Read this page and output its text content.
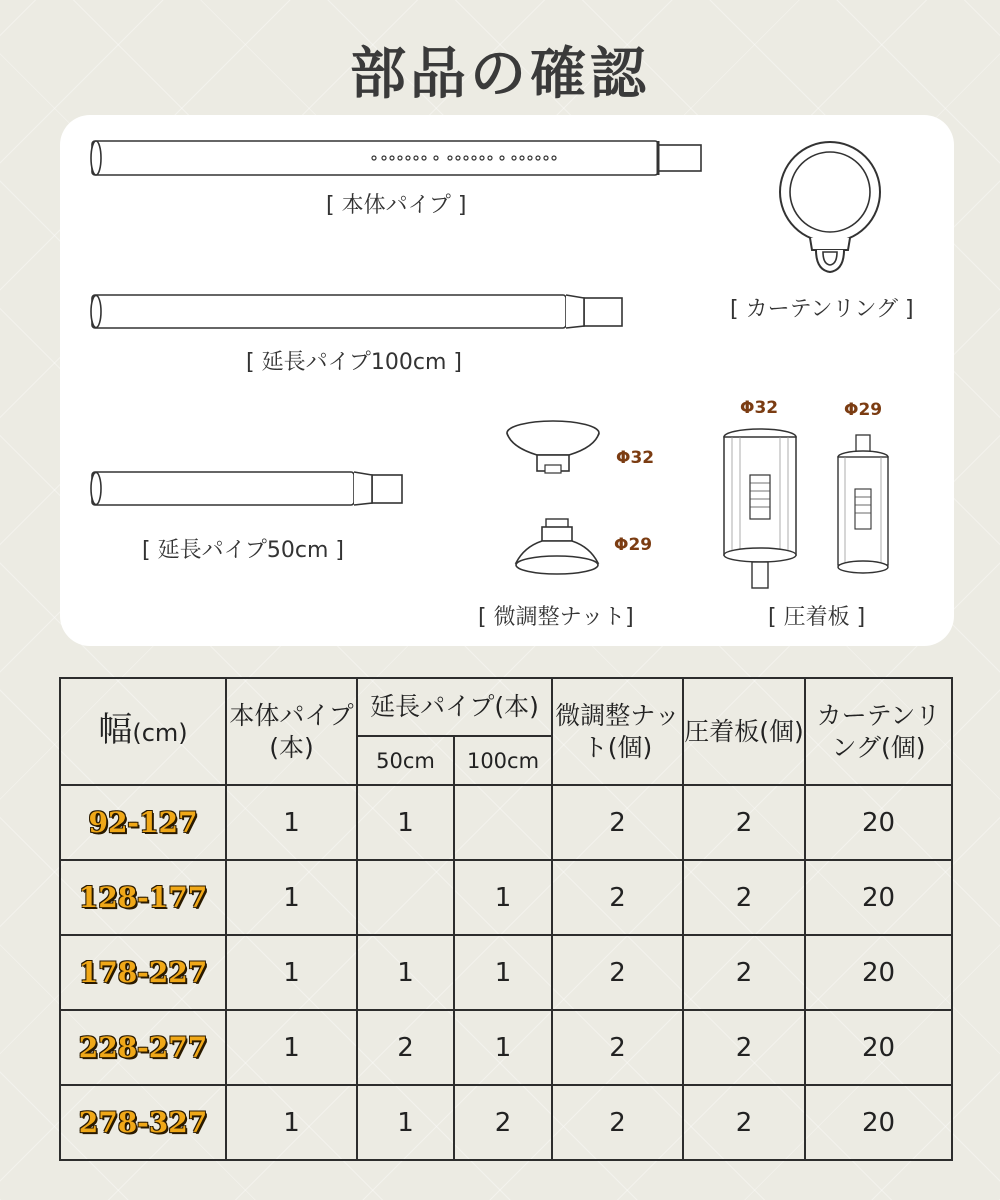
部品の確認
[ 本体パイプ ]
[ カーテンリング ]
[ 延長パイプ100cm ]
[ 延長パイプ50cm ]
Φ32
Φ29
[ 微調整ナット]
Φ32	Φ29
[ 圧着板 ]
幅(cm)	本体パイプ(本)	延長パイプ(本)		微調整ナット(個)	圧着板(個)	カーテンリング(個)
		50cm	100cm			
92-127	1	1		2	2	20
128-177	1		1	2	2	20
178-227	1	1	1	2	2	20
228-277	1	2	1	2	2	20
278-327	1	1	2	2	2	20
